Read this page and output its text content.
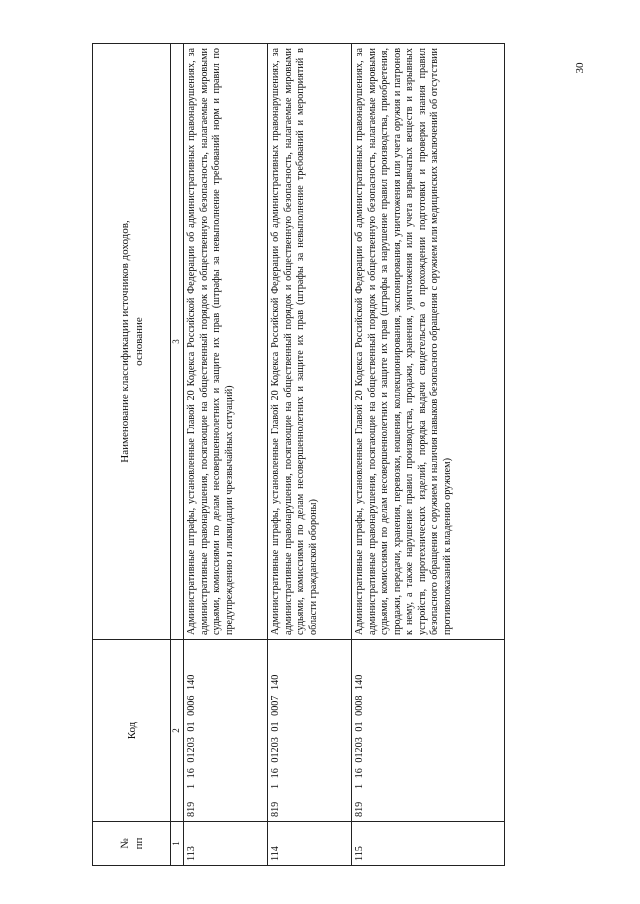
30
№
пп	Код	Наименование классификации источников доходов,
основание
1	2	3
113	8191 16 01203 01 0006 140	Административные штрафы, установленные Главой 20 Кодекса Российской Федерации об административных правонарушениях, за административные правонарушения, посягающие на общественный порядок и общественную безопасность, налагаемые мировыми судьями, комиссиями по делам несовершеннолетних и защите их прав (штрафы за невыполнение требований норм и правил по предупреждению и ликвидации чрезвычайных ситуаций)
114	8191 16 01203 01 0007 140	Административные штрафы, установленные Главой 20 Кодекса Российской Федерации об административных правонарушениях, за административные правонарушения, посягающие на общественный порядок и общественную безопасность, налагаемые мировыми судьями, комиссиями по делам несовершеннолетних и защите их прав (штрафы за невыполнение требований и мероприятий в области гражданской обороны)
115	8191 16 01203 01 0008 140	Административные штрафы, установленные Главой 20 Кодекса Российской Федерации об административных правонарушениях, за административные правонарушения, посягающие на общественный порядок и общественную безопасность, налагаемые мировыми судьями, комиссиями по делам несовершеннолетних и защите их прав (штрафы за нарушение правил производства, приобретения, продажи, передачи, хранения, перевозки, ношения, коллекционирования, экспонирования, уничтожения или учета оружия и патронов к нему, а также нарушение правил производства, продажи, хранения, уничтожения или учета взрывчатых веществ и взрывных устройств, пиротехнических изделий, порядка выдачи свидетельства о прохождении подготовки и проверки знания правил безопасного обращения с оружием и наличия навыков безопасного обращения с оружием или медицинских заключений об отсутствии противопоказаний к владению оружием)
